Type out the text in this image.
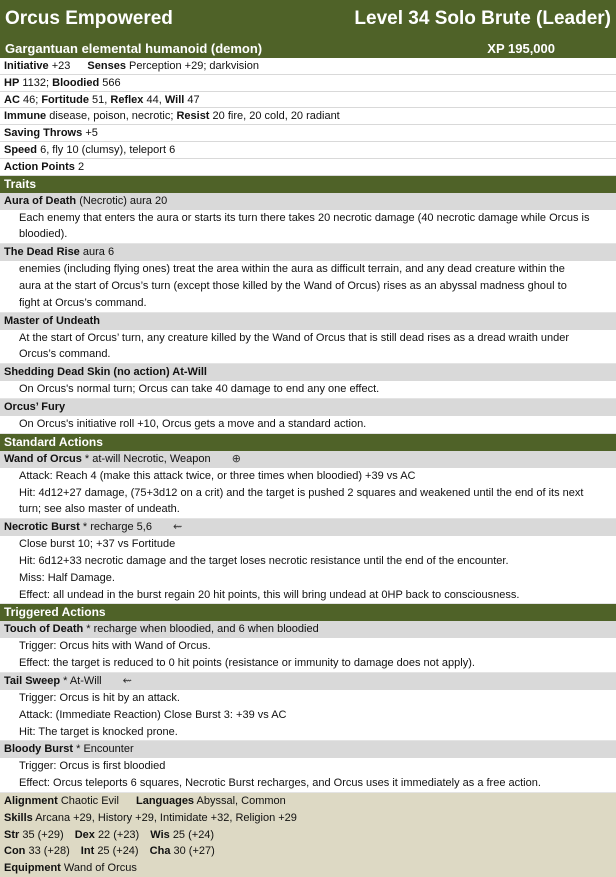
Orcus Empowered	Level 34 Solo Brute (Leader)
Gargantuan elemental humanoid (demon)	XP 195,000
Initiative +23 Senses Perception +29; darkvision
HP 1132; Bloodied 566
AC 46; Fortitude 51, Reflex 44, Will 47
Immune disease, poison, necrotic; Resist 20 fire, 20 cold, 20 radiant
Saving Throws +5
Speed 6, fly 10 (clumsy), teleport 6
Action Points 2
Traits
Aura of Death (Necrotic) aura 20
Each enemy that enters the aura or starts its turn there takes 20 necrotic damage (40 necrotic damage while Orcus is
bloodied).
The Dead Rise aura 6
enemies (including flying ones) treat the area within the aura as difficult terrain, and any dead creature within the
aura at the start of Orcus’s turn (except those killed by the Wand of Orcus) rises as an abyssal madness ghoul to
fight at Orcus’s command.
Master of Undeath
At the start of Orcus’ turn, any creature killed by the Wand of Orcus that is still dead rises as a dread wraith under
Orcus’s command.
Shedding Dead Skin (no action) At-Will
On Orcus's normal turn; Orcus can take 40 damage to end any one effect.
Orcus’ Fury
On Orcus's initiative roll +10, Orcus gets a move and a standard action.
Standard Actions
Wand of Orcus * at-will Necrotic, Weapon ⊕
Attack: Reach 4 (make this attack twice, or three times when bloodied) +39 vs AC
Hit: 4d12+27 damage, (75+3d12 on a crit) and the target is pushed 2 squares and weakened until the end of its next
turn; see also master of undeath.
Necrotic Burst * recharge 5,6 ⇜
Close burst 10; +37 vs Fortitude
Hit: 6d12+33 necrotic damage and the target loses necrotic resistance until the end of the encounter.
Miss: Half Damage.
Effect: all undead in the burst regain 20 hit points, this will bring undead at 0HP back to consciousness.
Triggered Actions
Touch of Death * recharge when bloodied, and 6 when bloodied
Trigger: Orcus hits with Wand of Orcus.
Effect: the target is reduced to 0 hit points (resistance or immunity to damage does not apply).
Tail Sweep * At-Will ⇜
Trigger: Orcus is hit by an attack.
Attack: (Immediate Reaction) Close Burst 3: +39 vs AC
Hit: The target is knocked prone.
Bloody Burst * Encounter
Trigger: Orcus is first bloodied
Effect: Orcus teleports 6 squares, Necrotic Burst recharges, and Orcus uses it immediately as a free action.
Alignment Chaotic Evil Languages Abyssal, Common
Skills Arcana +29, History +29, Intimidate +32, Religion +29
Str 35 (+29) Dex 22 (+23) Wis 25 (+24)
Con 33 (+28) Int 25 (+24) Cha 30 (+27)
Equipment Wand of Orcus
